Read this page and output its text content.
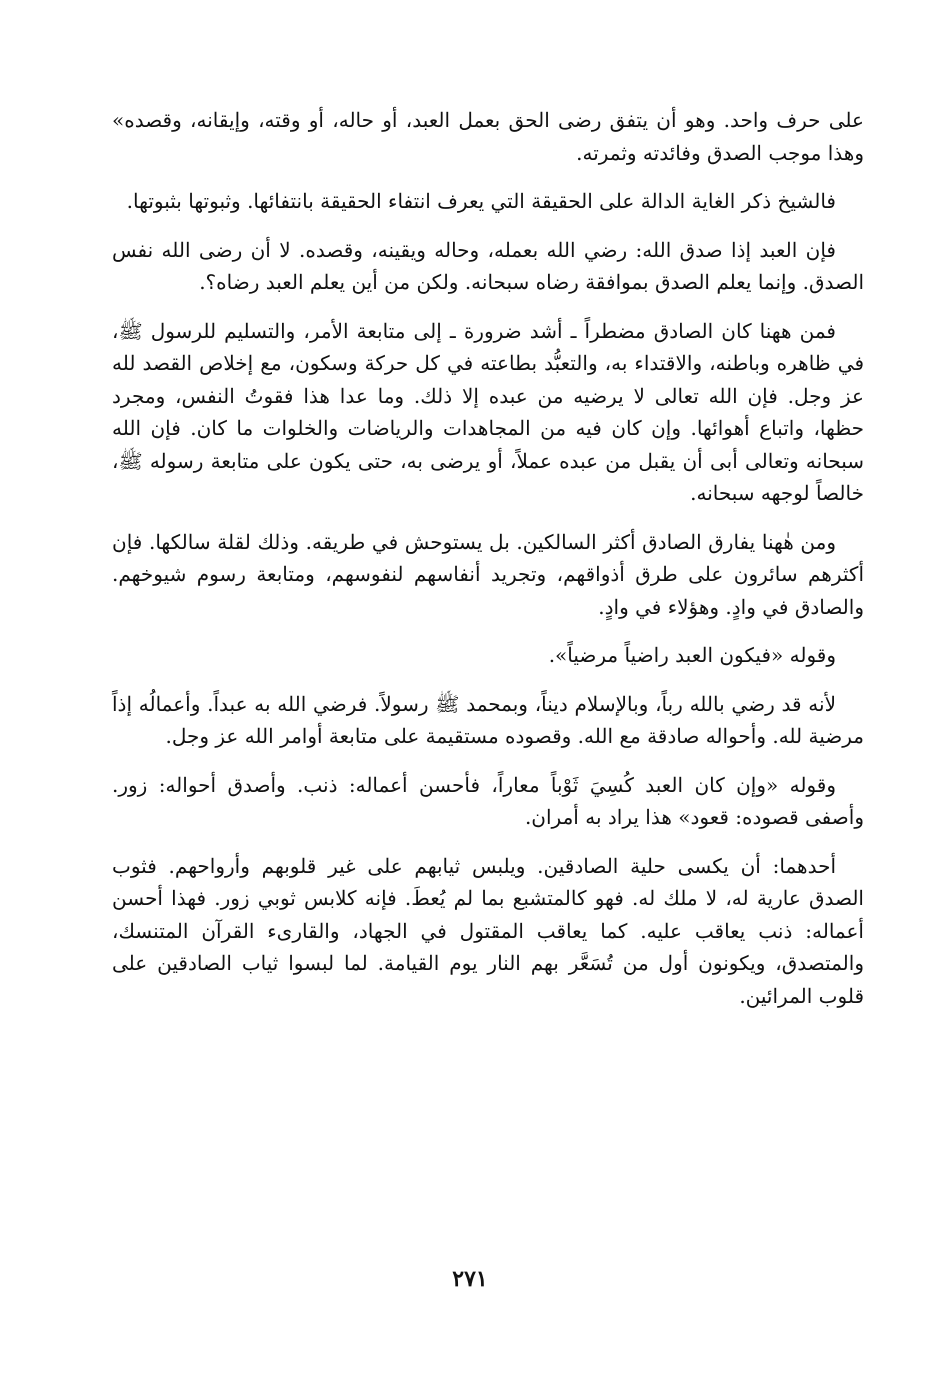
على حرف واحد. وهو أن يتفق رضى الحق بعمل العبد، أو حاله، أو وقته، وإيقانه، وقصده» وهذا موجب الصدق وفائدته وثمرته.

فالشيخ ذكر الغاية الدالة على الحقيقة التي يعرف انتفاء الحقيقة بانتفائها. وثبوتها بثبوتها.

فإن العبد إذا صدق الله: رضي الله بعمله، وحاله ويقينه، وقصده. لا أن رضى الله نفس الصدق. وإنما يعلم الصدق بموافقة رضاه سبحانه. ولكن من أين يعلم العبد رضاه؟.

فمن ههنا كان الصادق مضطراً ـ أشد ضرورة ـ إلى متابعة الأمر، والتسليم للرسول ﷺ، في ظاهره وباطنه، والاقتداء به، والتعبُّد بطاعته في كل حركة وسكون، مع إخلاص القصد لله عز وجل. فإن الله تعالى لا يرضيه من عبده إلا ذلك. وما عدا هذا فقوتُ النفس، ومجرد حظها، واتباع أهوائها. وإن كان فيه من المجاهدات والرياضات والخلوات ما كان. فإن الله سبحانه وتعالى أبى أن يقبل من عبده عملاً، أو يرضى به، حتى يكون على متابعة رسوله ﷺ، خالصاً لوجهه سبحانه.

ومن هٰهنا يفارق الصادق أكثر السالكين. بل يستوحش في طريقه. وذلك لقلة سالكها. فإن أكثرهم سائرون على طرق أذواقهم، وتجريد أنفاسهم لنفوسهم، ومتابعة رسوم شيوخهم. والصادق في وادٍ. وهؤلاء في وادٍ.

وقوله «فيكون العبد راضياً مرضياً».

لأنه قد رضي بالله رباً، وبالإسلام ديناً، وبمحمد ﷺ رسولاً. فرضي الله به عبداً. وأعمالُه إذاً مرضية لله. وأحواله صادقة مع الله. وقصوده مستقيمة على متابعة أوامر الله عز وجل.

وقوله «وإن كان العبد كُسِيَ ثَوْباً معاراً، فأحسن أعماله: ذنب. وأصدق أحواله: زور. وأصفى قصوده: قعود» هذا يراد به أمران.

أحدهما: أن يكسى حلية الصادقين. ويلبس ثيابهم على غير قلوبهم وأرواحهم. فثوب الصدق عارية له، لا ملك له. فهو كالمتشبع بما لم يُعطَ. فإنه كلابس ثوبي زور. فهذا أحسن أعماله: ذنب يعاقب عليه. كما يعاقب المقتول في الجهاد، والقارىء القرآن المتنسك، والمتصدق، ويكونون أول من تُسَعَّر بهم النار يوم القيامة. لما لبسوا ثياب الصادقين على قلوب المرائين.

٢٧١
